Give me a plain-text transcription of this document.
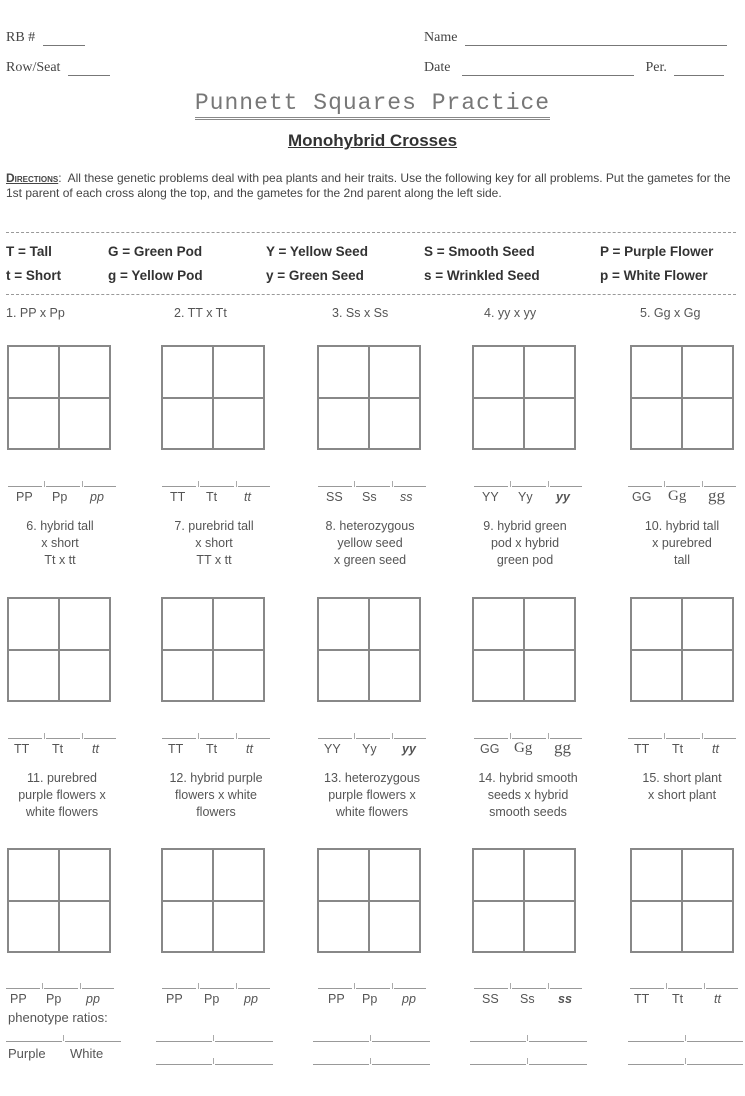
RB #
Row/Seat
Name
Date	Per.
Punnett Squares Practice
Monohybrid Crosses
Directions:  All these genetic problems deal with pea plants and heir traits. Use the following key for all problems. Put the gametes for the 1st parent of each cross along the top, and the gametes for the 2nd parent along the left side.
T = Tall
t = Short
G = Green Pod
g = Yellow Pod
Y = Yellow Seed
y = Green Seed
S = Smooth Seed
s = Wrinkled Seed
P = Purple Flower
p = White Flower
1. PP x Pp	2. TT x Tt	3. Ss x Ss	4. yy x yy	5. Gg x Gg
PP Pp pp	TT Tt tt	SS Ss ss	YY Yy yy	GG Gg gg
6. hybrid tall
x short
Tt x tt
7. purebrid tall
x short
TT x tt
8. heterozygous
yellow seed
x green seed
9. hybrid green
pod x hybrid
green pod
10. hybrid tall
x purebred
tall
TT Tt tt	TT Tt tt	YY Yy yy	GG Gg gg	TT Tt tt
11. purebred
purple flowers x
white flowers
12. hybrid purple
flowers x white
flowers
13. heterozygous
purple flowers x
white flowers
14. hybrid smooth
seeds x hybrid
smooth seeds
15. short plant
x short plant
PP Pp pp	PP Pp pp	PP Pp pp	SS Ss ss	TT Tt tt
phenotype ratios:
Purple White
